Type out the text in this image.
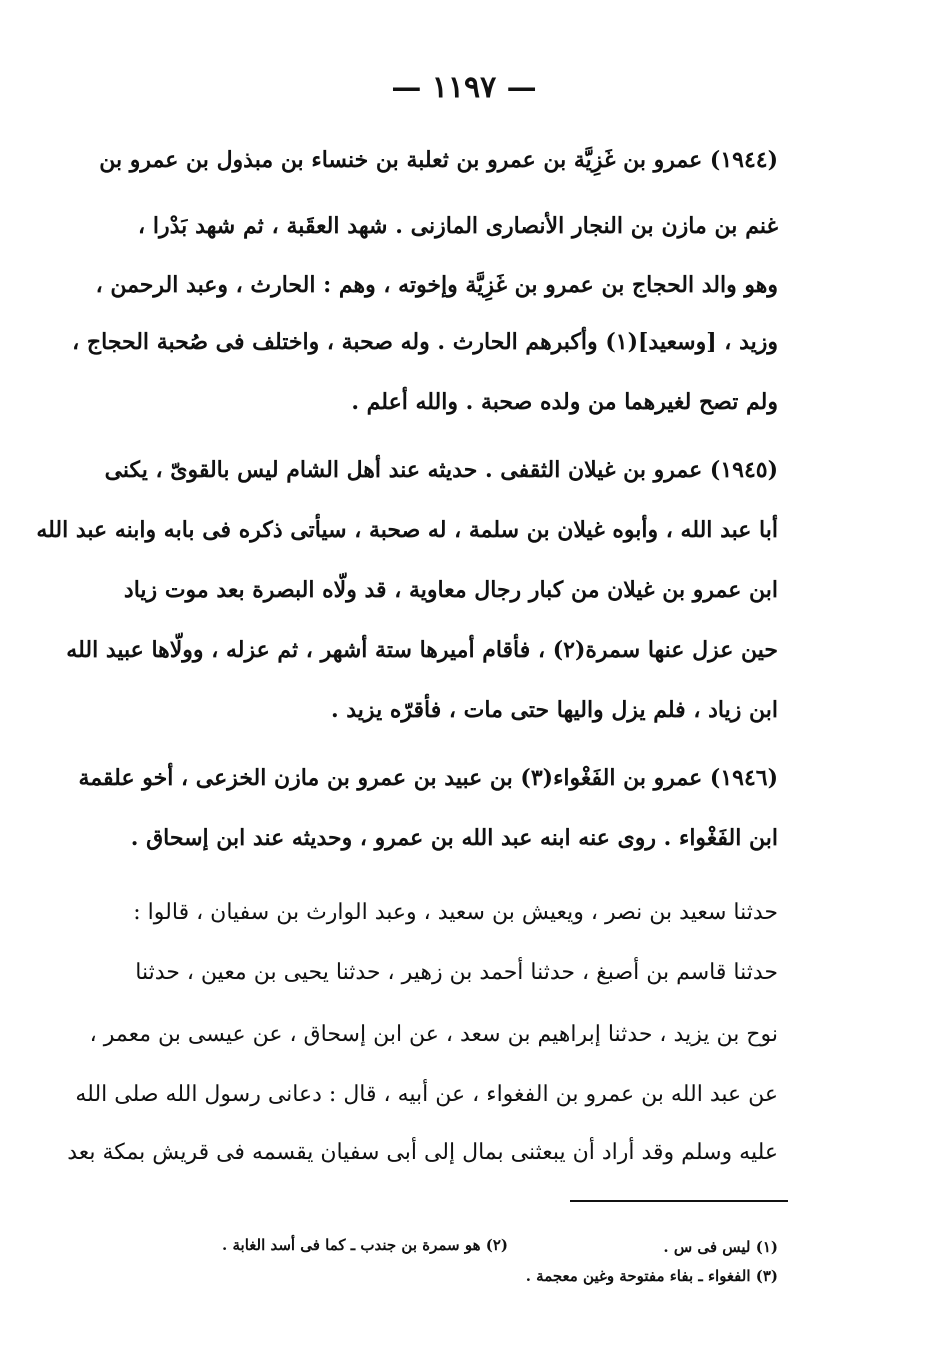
— ١١٩٧ —
(١٩٤٤) عمرو بن غَزِيَّة بن عمرو بن ثعلبة بن خنساء بن مبذول بن عمرو بن
غنم بن مازن بن النجار الأنصارى المازنى . شهد العقَبة ، ثم شهد بَدْرا ،
وهو والد الحجاج بن عمرو بن غَزِيَّة وإخوته ، وهم : الحارث ، وعبد الرحمن ،
وزيد ، [وسعيد](١) وأكبرهم الحارث . وله صحبة ، واختلف فى صُحبة الحجاج ،
ولم تصح لغيرهما من ولده صحبة . والله أعلم .
(١٩٤٥) عمرو بن غيلان الثقفى . حديثه عند أهل الشام ليس بالقوىّ ، يكنى
أبا عبد الله ، وأبوه غيلان بن سلمة ، له صحبة ، سيأتى ذكره فى بابه وابنه عبد الله
ابن عمرو بن غيلان من كبار رجال معاوية ، قد ولّاه البصرة بعد موت زياد
حين عزل عنها سمرة(٢) ، فأقام أميرها ستة أشهر ، ثم عزله ، وولّاها عبيد الله
ابن زياد ، فلم يزل واليها حتى مات ، فأقرّه يزيد .
(١٩٤٦) عمرو بن الفَغْواء(٣) بن عبيد بن عمرو بن مازن الخزعى ، أخو علقمة
ابن الفَغْواء . روى عنه ابنه عبد الله بن عمرو ، وحديثه عند ابن إسحاق .
حدثنا سعيد بن نصر ، ويعيش بن سعيد ، وعبد الوارث بن سفيان ، قالوا :
حدثنا قاسم بن أصبغ ، حدثنا أحمد بن زهير ، حدثنا يحيى بن معين ، حدثنا
نوح بن يزيد ، حدثنا إبراهيم بن سعد ، عن ابن إسحاق ، عن عيسى بن معمر ،
عن عبد الله بن عمرو بن الفغواء ، عن أبيه ، قال : دعانى رسول الله صلى الله
عليه وسلم وقد أراد أن يبعثنى بمال إلى أبى سفيان يقسمه فى قريش بمكة بعد
(١) ليس فى س .
(٢) هو سمرة بن جندب ـ كما فى أسد الغابة .
(٣) الفغواء ـ بفاء مفتوحة وغين معجمة .
